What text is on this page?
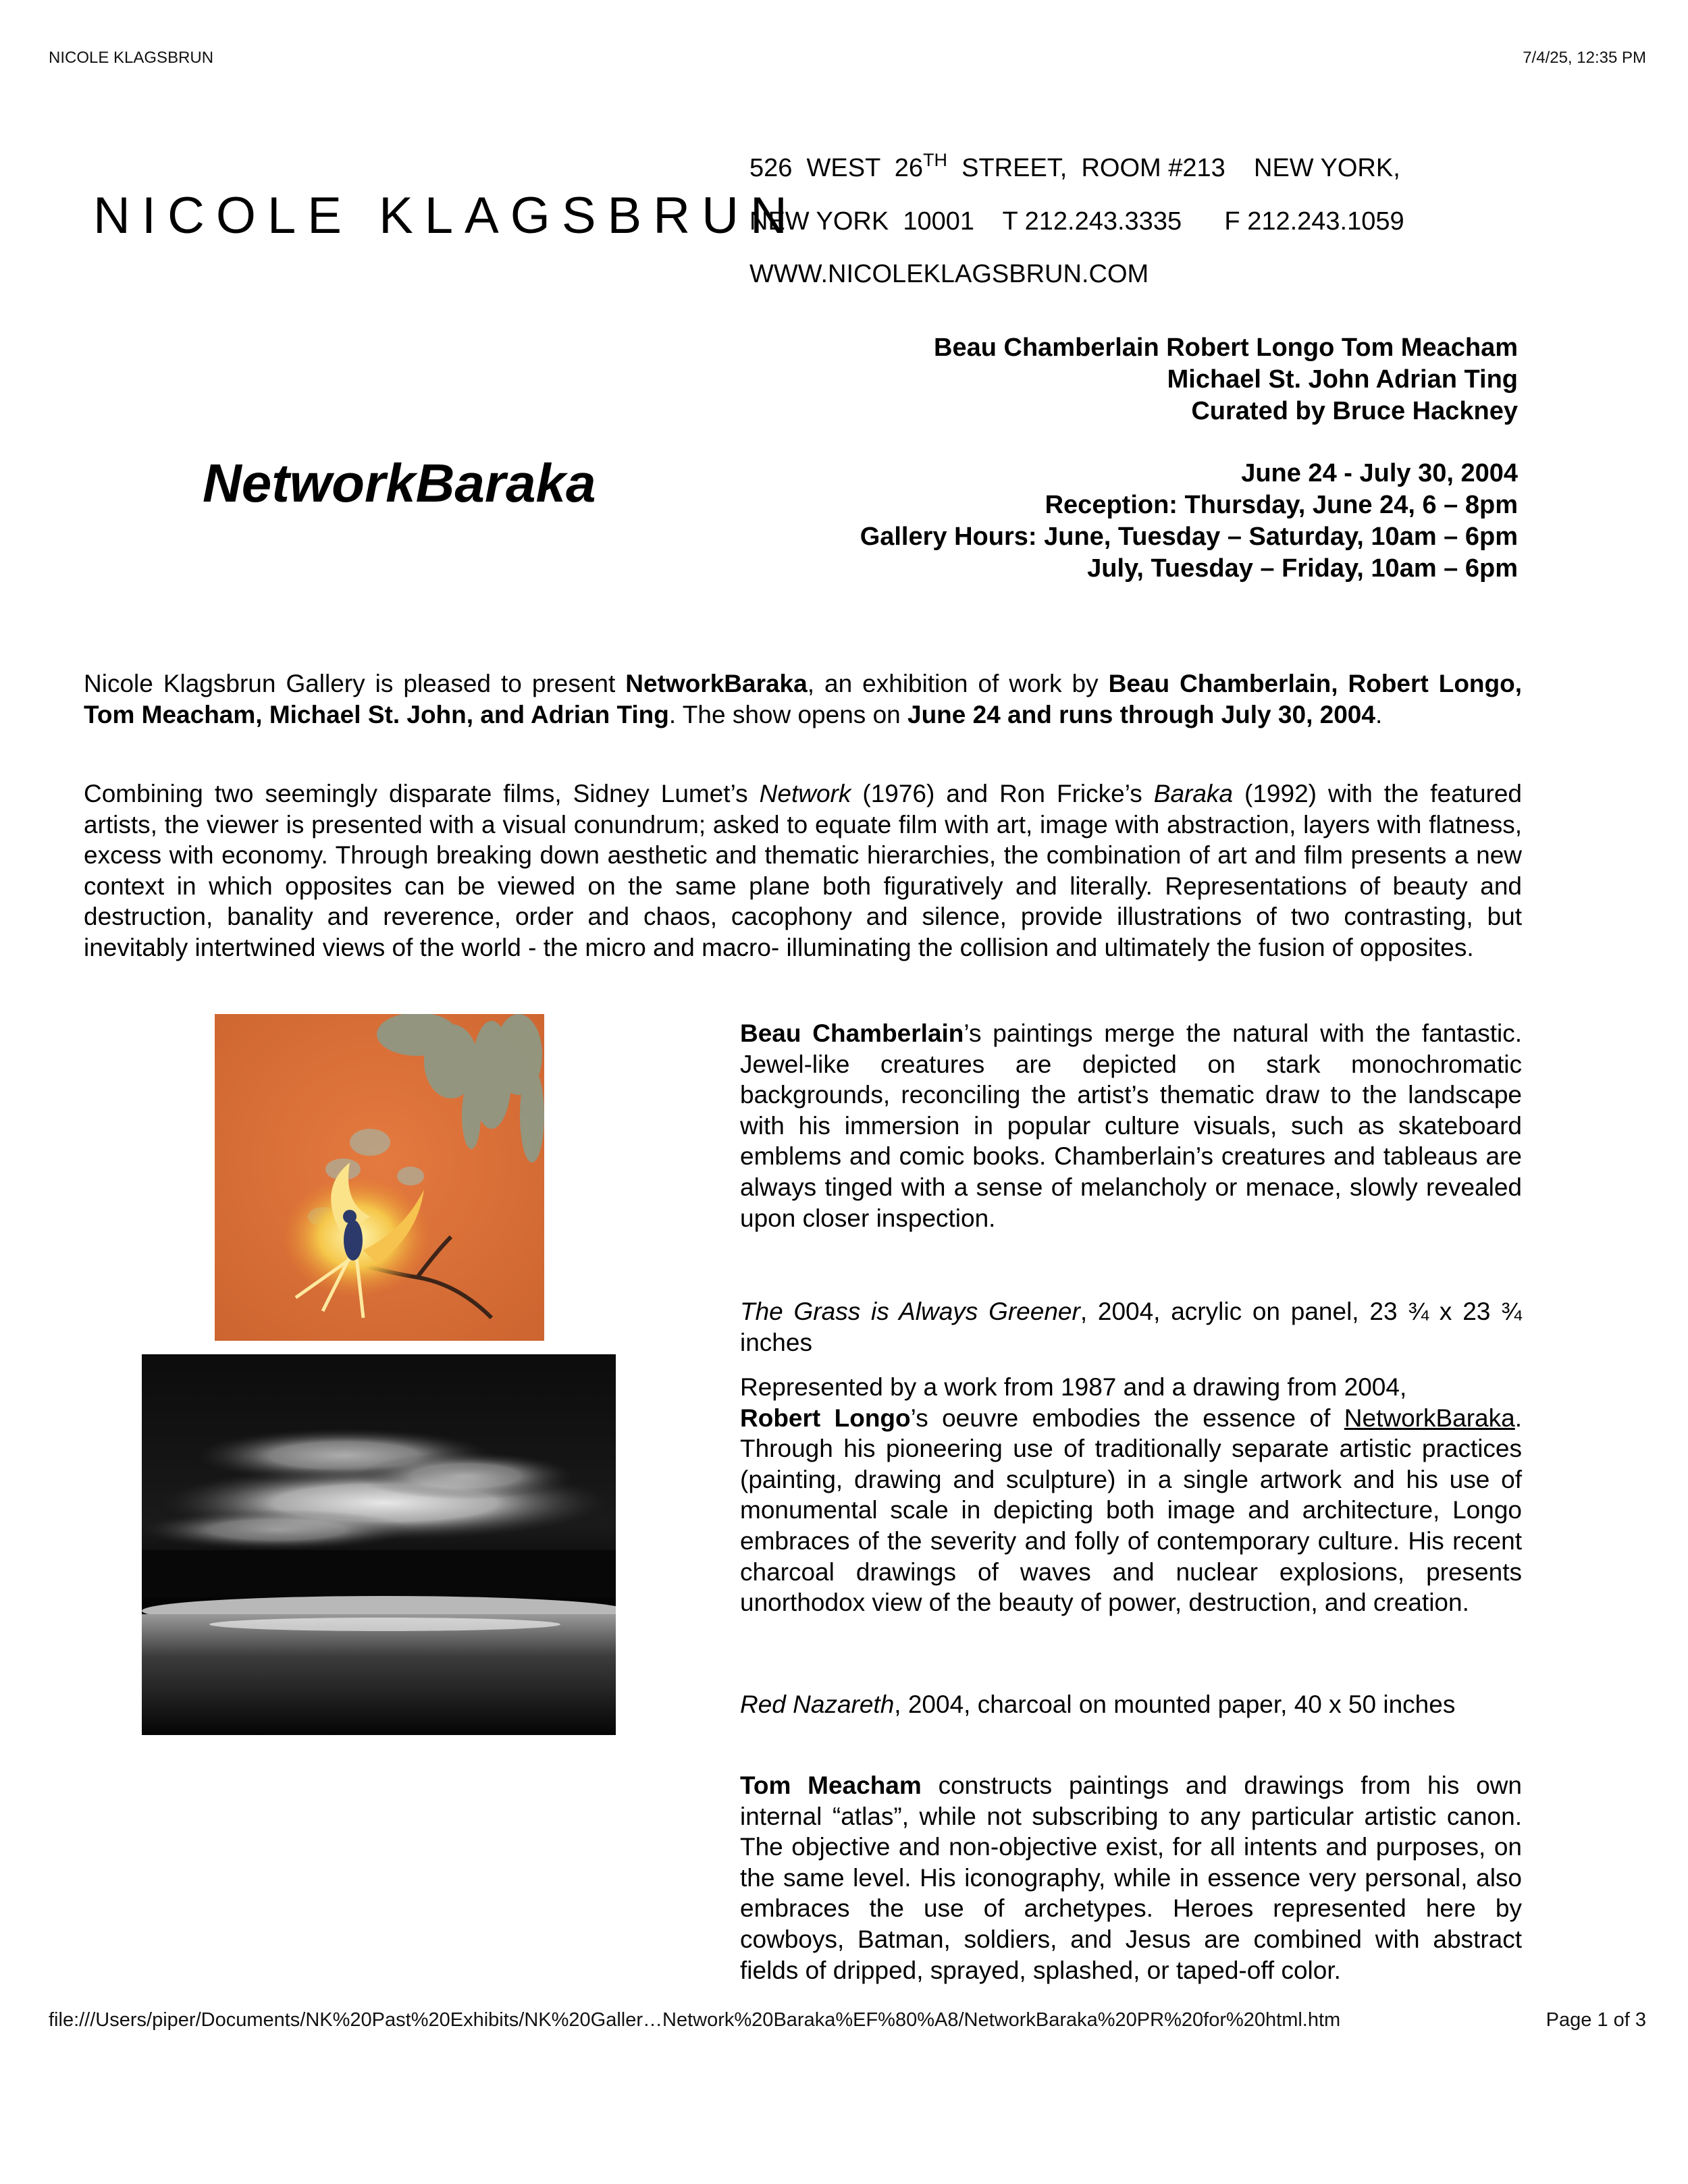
NICOLE KLAGSBRUN	7/4/25, 12:35 PM
NICOLE KLAGSBRUN
526  WEST  26TH  STREET,  ROOM #213    NEW YORK,
NEW YORK  10001    T 212.243.3335      F 212.243.1059
WWW.NICOLEKLAGSBRUN.COM
Beau Chamberlain Robert Longo Tom Meacham
Michael St. John Adrian Ting
Curated by Bruce Hackney
NetworkBaraka	June 24 - July 30, 2004
Reception: Thursday, June 24, 6 – 8pm
Gallery Hours: June, Tuesday – Saturday, 10am – 6pm
July, Tuesday – Friday, 10am – 6pm
Nicole Klagsbrun Gallery is pleased to present NetworkBaraka, an exhibition of work by Beau Chamberlain, Robert Longo, Tom Meacham, Michael St. John, and Adrian Ting. The show opens on June 24 and runs through July 30, 2004.
Combining two seemingly disparate films, Sidney Lumet’s Network (1976) and Ron Fricke’s Baraka (1992) with the featured artists, the viewer is presented with a visual conundrum; asked to equate film with art, image with abstraction, layers with flatness, excess with economy. Through breaking down aesthetic and thematic hierarchies, the combination of art and film presents a new context in which opposites can be viewed on the same plane both figuratively and literally. Representations of beauty and destruction, banality and reverence, order and chaos, cacophony and silence, provide illustrations of two contrasting, but inevitably intertwined views of the world - the micro and macro- illuminating the collision and ultimately the fusion of opposites.
Beau Chamberlain’s paintings merge the natural with the fantastic. Jewel-like creatures are depicted on stark monochromatic backgrounds, reconciling the artist’s thematic draw to the landscape with his immersion in popular culture visuals, such as skateboard emblems and comic books. Chamberlain’s creatures and tableaus are always tinged with a sense of melancholy or menace, slowly revealed upon closer inspection.
The Grass is Always Greener, 2004, acrylic on panel, 23 ¾ x 23 ¾ inches
Represented by a work from 1987 and a drawing from 2004,
Robert Longo’s oeuvre embodies the essence of NetworkBaraka. Through his pioneering use of traditionally separate artistic practices (painting, drawing and sculpture) in a single artwork and his use of monumental scale in depicting both image and architecture, Longo embraces of the severity and folly of contemporary culture. His recent charcoal drawings of waves and nuclear explosions, presents unorthodox view of the beauty of power, destruction, and creation.
Red Nazareth, 2004, charcoal on mounted paper, 40 x 50 inches
Tom Meacham constructs paintings and drawings from his own internal “atlas”, while not subscribing to any particular artistic canon. The objective and non-objective exist, for all intents and purposes, on the same level. His iconography, while in essence very personal, also embraces the use of archetypes. Heroes represented here by cowboys, Batman, soldiers, and Jesus are combined with abstract fields of dripped, sprayed, splashed, or taped-off color.
file:///Users/piper/Documents/NK%20Past%20Exhibits/NK%20Galler…Network%20Baraka%EF%80%A8/NetworkBaraka%20PR%20for%20html.htm	Page 1 of 3
